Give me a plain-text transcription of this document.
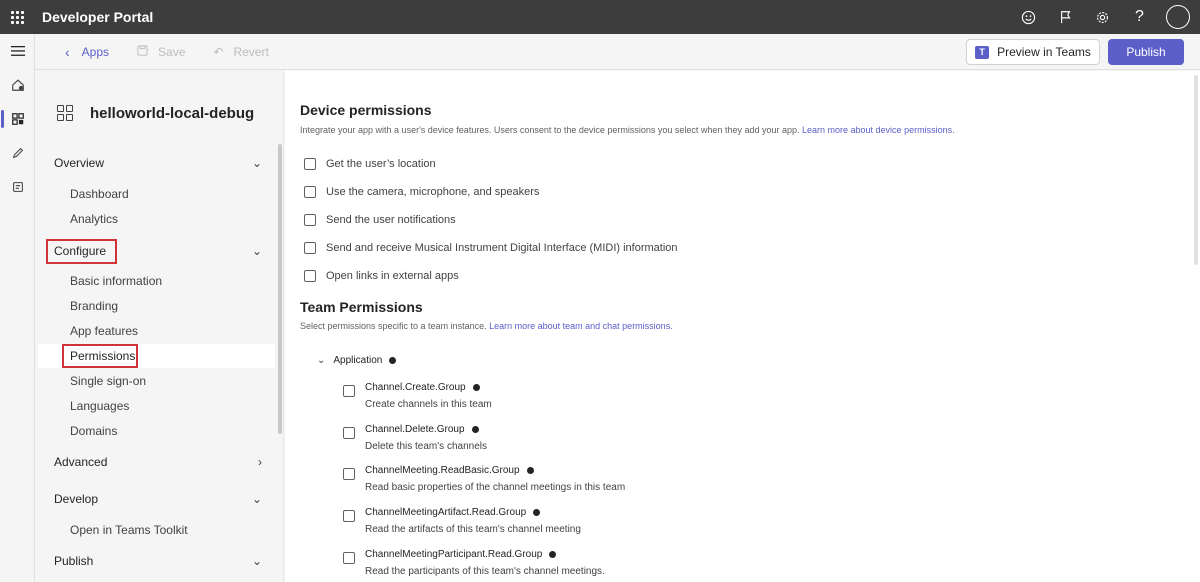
Developer Portal	?
‹ Apps	Save ↶ Revert	T	Preview in Teams	Publish
helloworld-local-debug
Overview	⌄
Dashboard
Analytics
Configure	⌄
Basic information
Branding
App features
Permissions
Single sign-on
Languages
Domains
Advanced	›
Develop	⌄
Open in Teams Toolkit
Publish	⌄
Device permissions
Integrate your app with a user's device features. Users consent to the device permissions you select when they add your app. Learn more about device permissions.
Get the user’s location
Use the camera, microphone, and speakers
Send the user notifications
Send and receive Musical Instrument Digital Interface (MIDI) information
Open links in external apps
Team Permissions
Select permissions specific to a team instance. Learn more about team and chat permissions.
⌄ Application
Channel.Create.Group
Create channels in this team
Channel.Delete.Group
Delete this team's channels
ChannelMeeting.ReadBasic.Group
Read basic properties of the channel meetings in this team
ChannelMeetingArtifact.Read.Group
Read the artifacts of this team's channel meeting
ChannelMeetingParticipant.Read.Group
Read the participants of this team's channel meetings.
